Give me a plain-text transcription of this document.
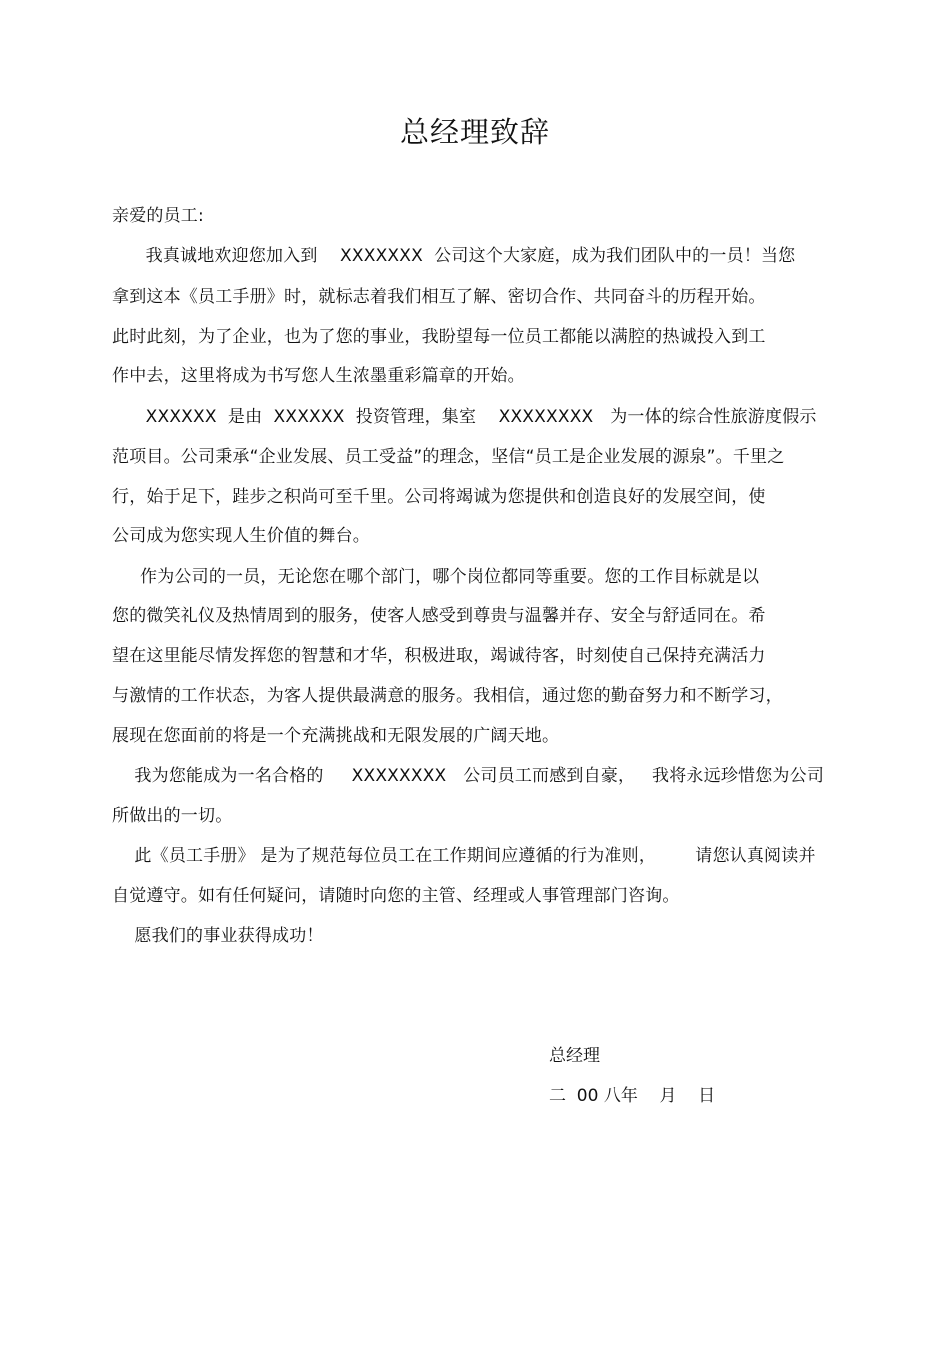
总经理致辞
亲爱的员工:
我真诚地欢迎您加入到    XXXXXXX  公司这个大家庭，成为我们团队中的一员！当您
拿到这本《员工手册》时，就标志着我们相互了解、密切合作、共同奋斗的历程开始。
此时此刻，为了企业，也为了您的事业，我盼望每一位员工都能以满腔的热诚投入到工
作中去，这里将成为书写您人生浓墨重彩篇章的开始。
XXXXXX  是由  XXXXXX  投资管理，集室    XXXXXXXX   为一体的综合性旅游度假示
范项目。公司秉承“企业发展、员工受益”的理念，坚信“员工是企业发展的源泉”。千里之
行，始于足下，跬步之积尚可至千里。公司将竭诚为您提供和创造良好的发展空间，使
公司成为您实现人生价值的舞台。
作为公司的一员，无论您在哪个部门，哪个岗位都同等重要。您的工作目标就是以
您的微笑礼仪及热情周到的服务，使客人感受到尊贵与温馨并存、安全与舒适同在。希
望在这里能尽情发挥您的智慧和才华，积极进取，竭诚待客，时刻使自己保持充满活力
与激情的工作状态，为客人提供最满意的服务。我相信，通过您的勤奋努力和不断学习，
展现在您面前的将是一个充满挑战和无限发展的广阔天地。
我为您能成为一名合格的     XXXXXXXX   公司员工而感到自豪，   我将永远珍惜您为公司
所做出的一切。
此《员工手册》 是为了规范每位员工在工作期间应遵循的行为准则，       请您认真阅读并
自觉遵守。如有任何疑问，请随时向您的主管、经理或人事管理部门咨询。
愿我们的事业获得成功！
总经理
二  00 八年    月    日
